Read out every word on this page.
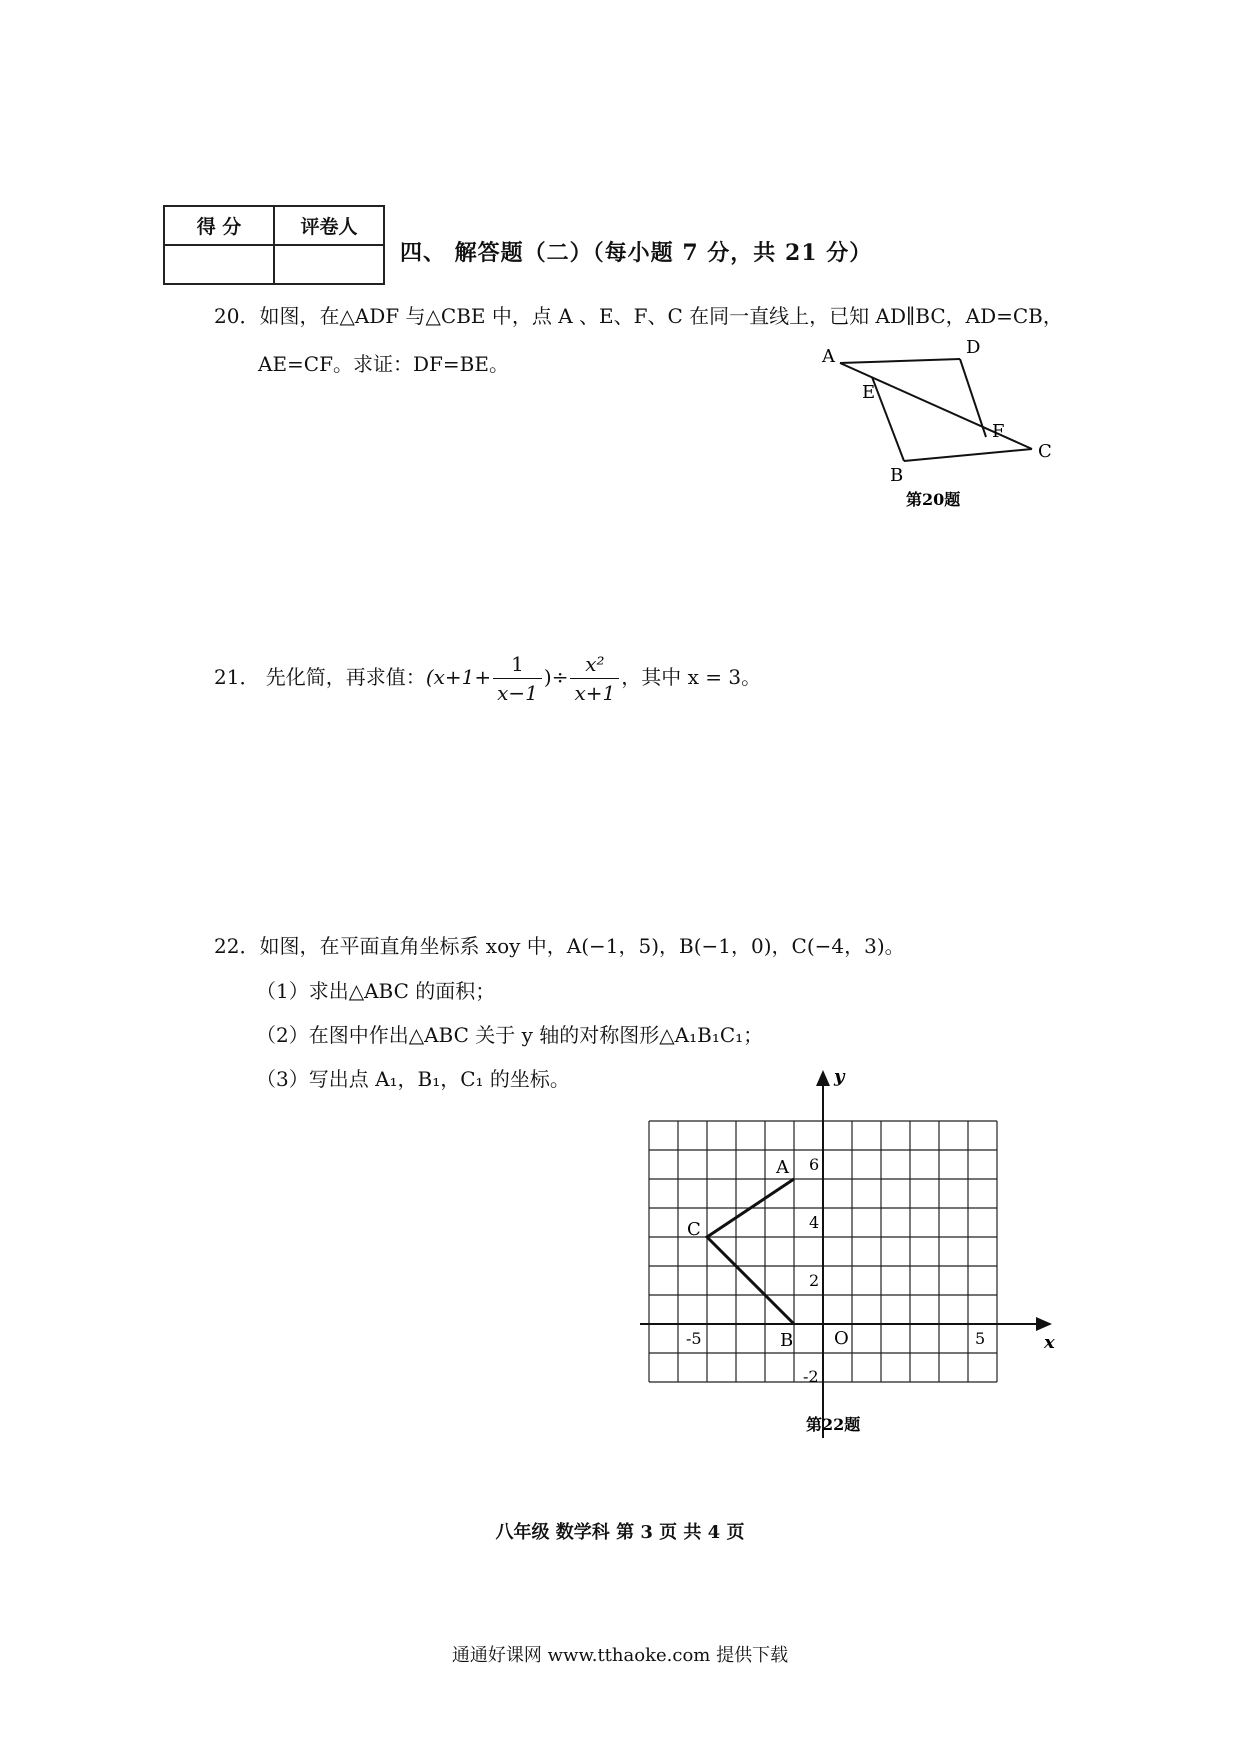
得 分	评卷人

四、 解答题（二）（每小题 7 分，共 21 分）
20．如图，在△ADF 与△CBE 中，点 A 、E、F、C 在同一直线上，已知 AD∥BC，AD=CB，
AE=CF。求证：DF=BE。	A	D
E
F
C
B
第20题
21． 先化简，再求值：($x+1+ \frac{1}{x-1}$ )÷ $\frac{\text{x²}}{x+1}$ ，其中 x = 3。
22．如图，在平面直角坐标系 xoy 中，A(−1，5)，B(−1，0)，C(−4，3)。
（1）求出△ABC 的面积；
（2）在图中作出△ABC 关于 y 轴的对称图形△A₁B₁C₁；
（3）写出点 A₁，B₁，C₁ 的坐标。
x
y
O
-5	5
6
4
2
-2
A
B
C
第22题
八年级 数学科 第 3 页 共 4 页
通通好课网 www.tthaoke.com 提供下载
